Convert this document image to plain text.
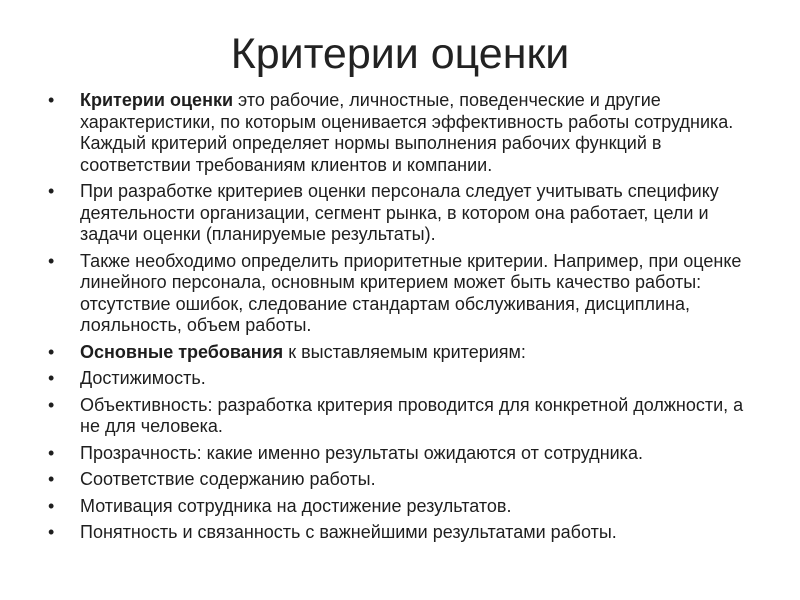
Критерии оценки
• Критерии оценки это рабочие, личностные, поведенческие и другие характеристики, по которым оценивается эффективность работы сотрудника. Каждый критерий определяет нормы выполнения рабочих функций в соответствии требованиям клиентов и компании.
• При разработке критериев оценки персонала следует учитывать специфику деятельности организации, сегмент рынка, в котором она работает, цели и задачи оценки (планируемые результаты).
• Также необходимо определить приоритетные критерии. Например, при оценке линейного персонала, основным критерием может быть качество работы: отсутствие ошибок, следование стандартам обслуживания, дисциплина, лояльность, объем работы.
• Основные требования к выставляемым критериям:
• Достижимость.
• Объективность: разработка критерия проводится для конкретной должности, а не для человека.
• Прозрачность: какие именно результаты ожидаются от сотрудника.
• Соответствие содержанию работы.
• Мотивация сотрудника на достижение результатов.
• Понятность и связанность с важнейшими результатами работы.
